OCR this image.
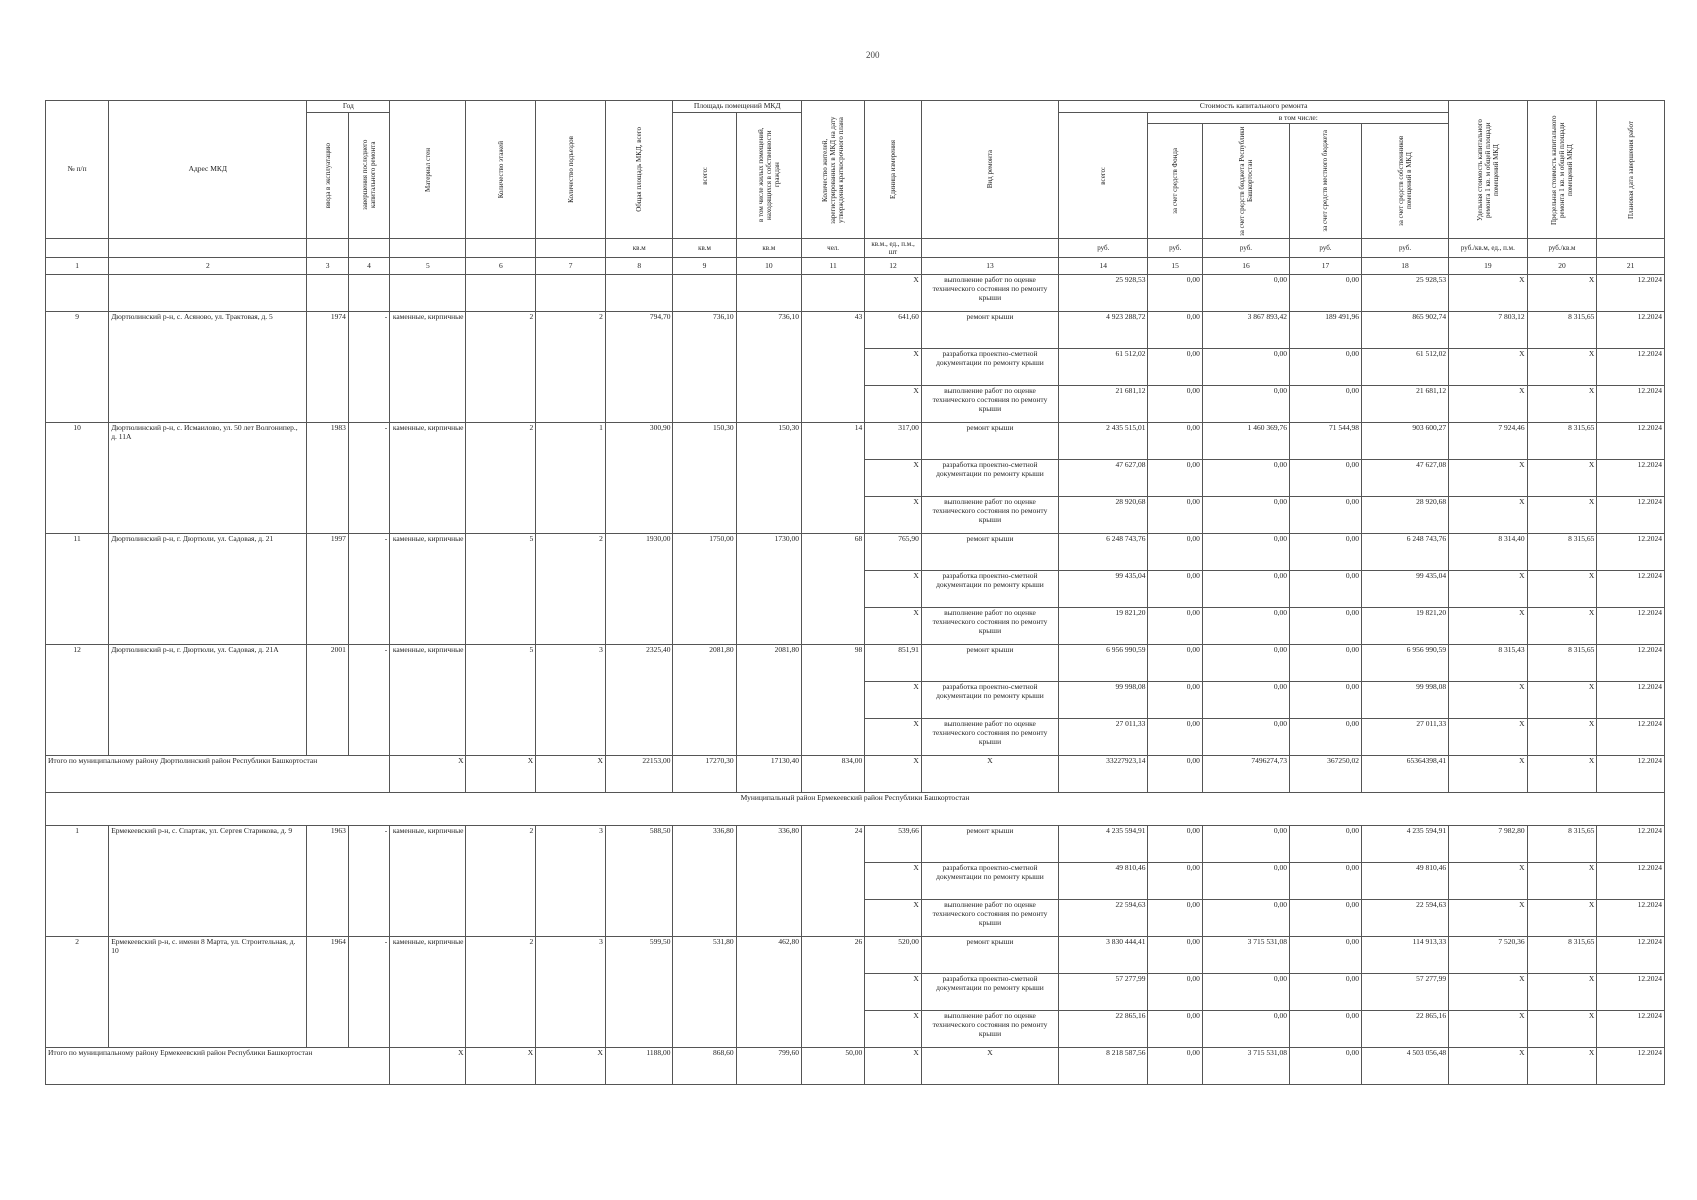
200
№ п/п	Адрес МКД	Год		Материал стен	Количество этажей	Количество подъездов	Общая площадь МКД, всего	Площадь помещений МКД		Количество жителей, зарегистрированных в МКД на дату утверждения краткосрочного плана	Единица измерения	Вид ремонта	Стоимость капитального ремонта					Удельная стоимость капитального ремонта 1 кв. м общей площади помещений МКД	Предельная стоимость капитального ремонта 1 кв. м общей площади помещений МКД	Плановая дата завершения работ

		ввода в эксплуатацию	завершения последнего капитального ремонта					всего:	в том числе жилых помещений, находящихся в собственности граждан				всего:	в том числе:						

														за счет средств Фонда	за счет средств бюджета Республики Башкортостан	за счет средств местного бюджета	за счет средств собственников помещений в МКД			

							кв.м	кв.м	кв.м	чел.	кв.м., ед., п.м., шт		руб.	руб.	руб.	руб.	руб.	руб./кв.м, ед., п.м.	руб./кв.м	
1	2	3	4	5	6	7	8	9	10	11	12	13	14	15	16	17	18	19	20	21
											X	выполнение работ по оценке технического состояния по ремонту крыши	25 928,53	0,00	0,00	0,00	25 928,53	X	X	12.2024
9	Дюртюлинский р-н, с. Асяново, ул. Трактовая, д. 5	1974	-	каменные, кирпичные	2	2	794,70	736,10	736,10	43	641,60	ремонт крыши	4 923 288,72	0,00	3 867 893,42	189 491,96	865 902,74	7 803,12	8 315,65	12.2024
											X	разработка проектно-сметной документации по ремонту крыши	61 512,02	0,00	0,00	0,00	61 512,02	X	X	12.2024
											X	выполнение работ по оценке технического состояния по ремонту крыши	21 681,12	0,00	0,00	0,00	21 681,12	X	X	12.2024
10	Дюртюлинский р-н, с. Исмаилово, ул. 50 лет Волгонипер., д. 11А	1983	-	каменные, кирпичные	2	1	300,90	150,30	150,30	14	317,00	ремонт крыши	2 435 515,01	0,00	1 460 369,76	71 544,98	903 600,27	7 924,46	8 315,65	12.2024
											X	разработка проектно-сметной документации по ремонту крыши	47 627,08	0,00	0,00	0,00	47 627,08	X	X	12.2024
											X	выполнение работ по оценке технического состояния по ремонту крыши	28 920,68	0,00	0,00	0,00	28 920,68	X	X	12.2024
11	Дюртюлинский р-н, г. Дюртюли, ул. Садовая, д. 21	1997	-	каменные, кирпичные	5	2	1930,00	1750,00	1730,00	68	765,90	ремонт крыши	6 248 743,76	0,00	0,00	0,00	6 248 743,76	8 314,40	8 315,65	12.2024
											X	разработка проектно-сметной документации по ремонту крыши	99 435,04	0,00	0,00	0,00	99 435,04	X	X	12.2024
											X	выполнение работ по оценке технического состояния по ремонту крыши	19 821,20	0,00	0,00	0,00	19 821,20	X	X	12.2024
12	Дюртюлинский р-н, г. Дюртюли, ул. Садовая, д. 21А	2001	-	каменные, кирпичные	5	3	2325,40	2081,80	2081,80	98	851,91	ремонт крыши	6 956 990,59	0,00	0,00	0,00	6 956 990,59	8 315,43	8 315,65	12.2024
											X	разработка проектно-сметной документации по ремонту крыши	99 998,08	0,00	0,00	0,00	99 998,08	X	X	12.2024
											X	выполнение работ по оценке технического состояния по ремонту крыши	27 011,33	0,00	0,00	0,00	27 011,33	X	X	12.2024
Итого по муниципальному району Дюртюлинский район Республики Башкортостан				X	X	X	22153,00	17270,30	17130,40	834,00	X	X	33227923,14	0,00	7496274,73	367250,02	65364398,41	X	X	12.2024
Муниципальный район Ермекеевский район Республики Башкортостан																				
1	Ермекеевский р-н, с. Спартак, ул. Сергея Старикова, д. 9	1963	-	каменные, кирпичные	2	3	588,50	336,80	336,80	24	539,66	ремонт крыши	4 235 594,91	0,00	0,00	0,00	4 235 594,91	7 982,80	8 315,65	12.2024
											X	разработка проектно-сметной документации по ремонту крыши	49 810,46	0,00	0,00	0,00	49 810,46	X	X	12.2024
											X	выполнение работ по оценке технического состояния по ремонту крыши	22 594,63	0,00	0,00	0,00	22 594,63	X	X	12.2024
2	Ермекеевский р-н, с. имени 8 Марта, ул. Строительная, д. 10	1964	-	каменные, кирпичные	2	3	599,50	531,80	462,80	26	520,00	ремонт крыши	3 830 444,41	0,00	3 715 531,08	0,00	114 913,33	7 520,36	8 315,65	12.2024
											X	разработка проектно-сметной документации по ремонту крыши	57 277,99	0,00	0,00	0,00	57 277,99	X	X	12.2024
											X	выполнение работ по оценке технического состояния по ремонту крыши	22 865,16	0,00	0,00	0,00	22 865,16	X	X	12.2024
Итого по муниципальному району Ермекеевский район Республики Башкортостан				X	X	X	1188,00	868,60	799,60	50,00	X	X	8 218 587,56	0,00	3 715 531,08	0,00	4 503 056,48	X	X	12.2024
